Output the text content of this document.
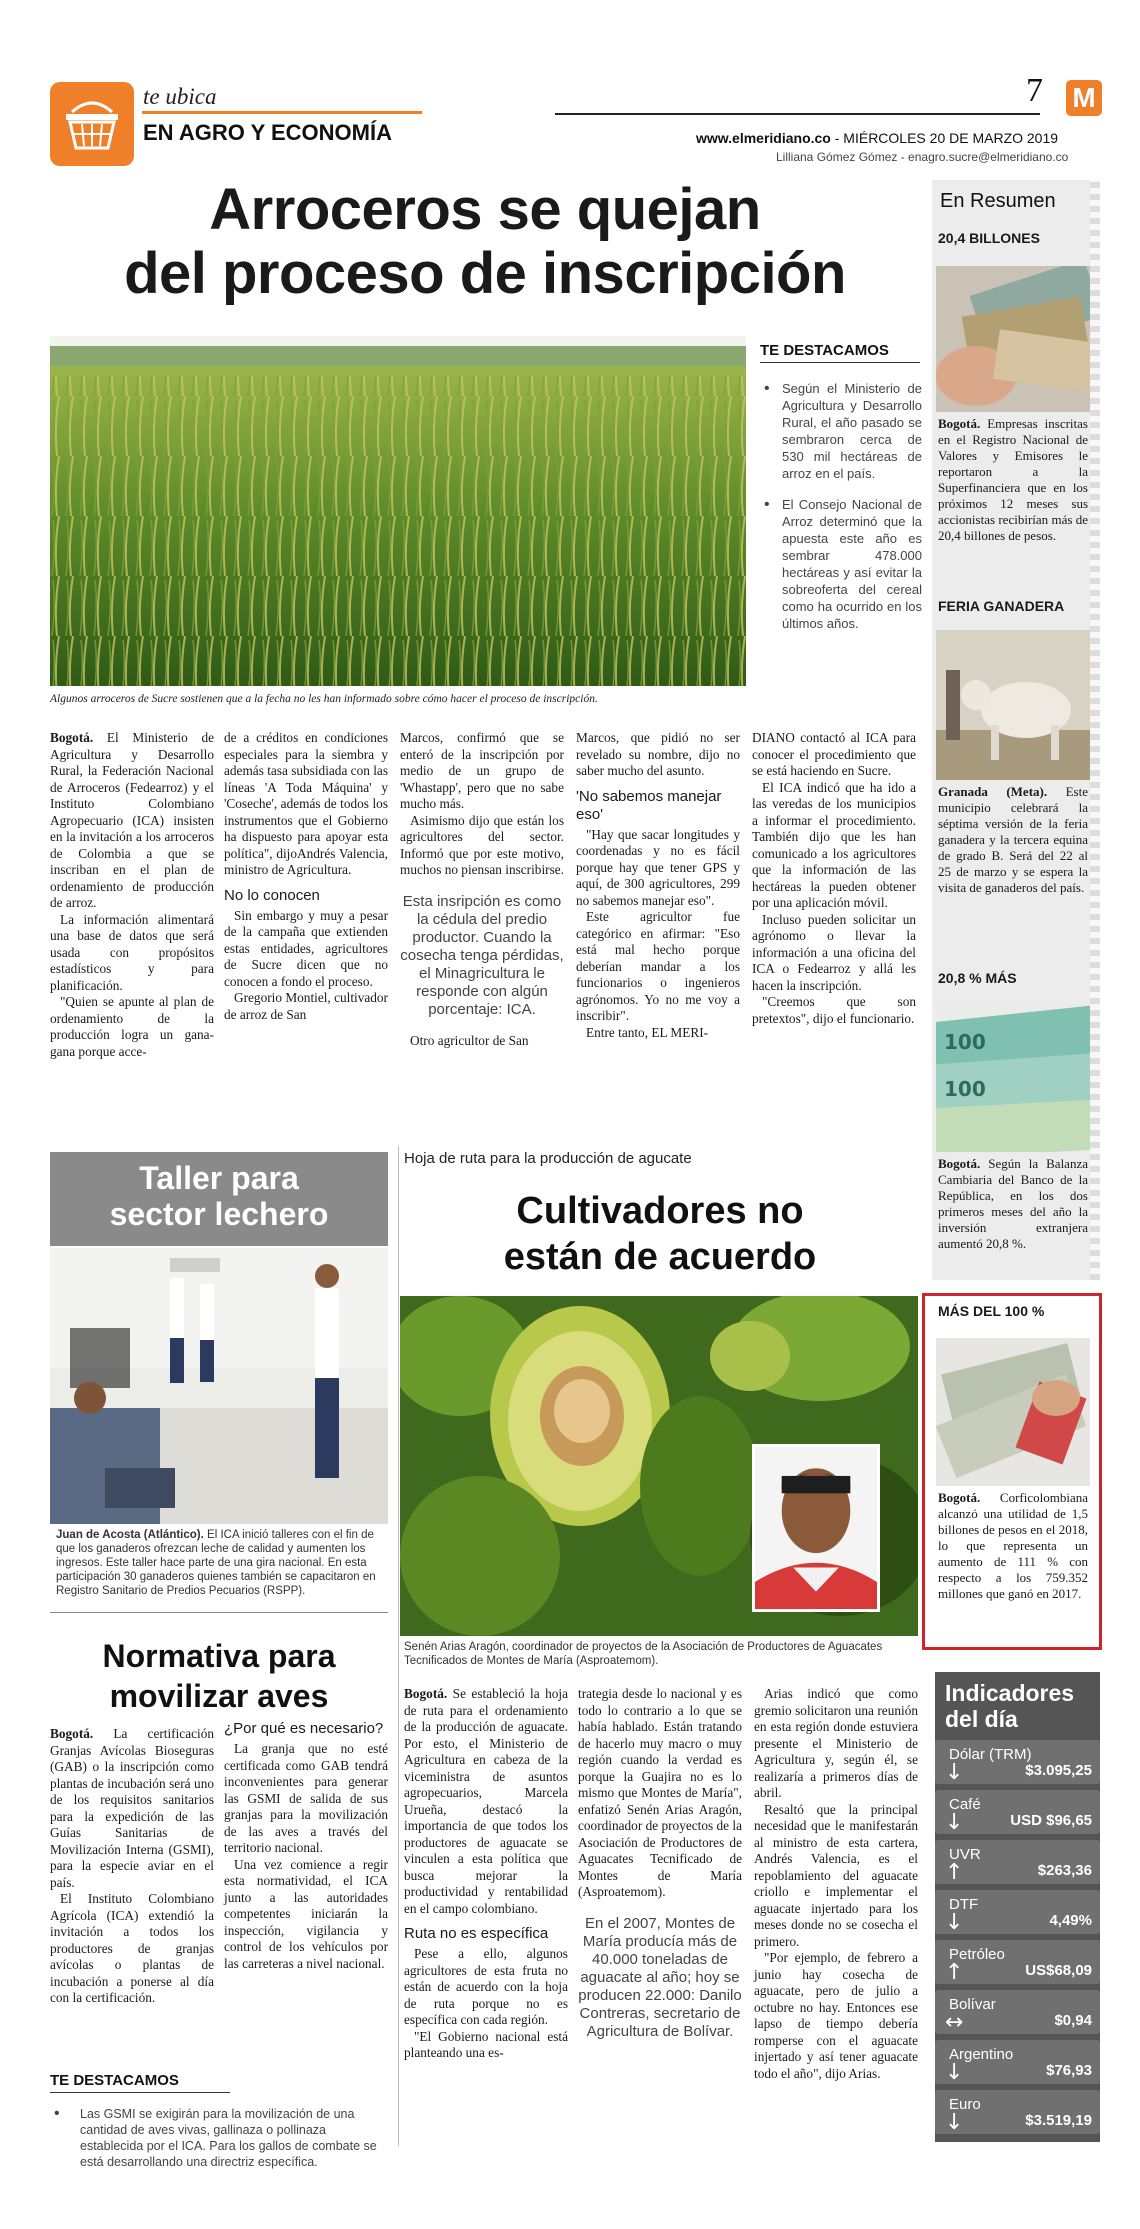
te ubica
EN AGRO Y ECONOMÍA
7 M
www.elmeridiano.co - MIÉRCOLES 20 DE MARZO 2019
Lilliana Gómez Gómez - enagro.sucre@elmeridiano.co
Arroceros se quejan
del proceso de inscripción
Algunos arroceros de Sucre sostienen que a la fecha no les han informado sobre cómo hacer el proceso de inscripción.
TE DESTACAMOS
• Según el Ministerio de Agricultura y Desarrollo Rural, el año pasado se sembraron cerca de 530 mil hectáreas de arroz en el país.
• El Consejo Nacional de Arroz determinó que la apuesta este año es sembrar 478.000 hectáreas y así evitar la sobreoferta del cereal como ha ocurrido en los últimos años.

Bogotá. El Ministerio de Agricultura y Desarrollo Rural, la Federación Nacional de Arroceros (Fedearroz) y el Instituto Colombiano Agropecuario (ICA) insisten en la invitación a los arroceros de Colombia a que se inscriban en el plan de ordenamiento de producción de arroz.

La información alimentará una base de datos que será usada con propósitos estadísticos y para planificación.

"Quien se apunte al plan de ordenamiento de la producción logra un gana-gana porque acce-

de a créditos en condiciones especiales para la siembra y además tasa subsidiada con las líneas 'A Toda Máquina' y 'Coseche', además de todos los instrumentos que el Gobierno ha dispuesto para apoyar esta política", dijoAndrés Valencia, ministro de Agricultura.

No lo conocen

Sin embargo y muy a pesar de la campaña que extienden estas entidades, agricultores de Sucre dicen que no conocen a fondo el proceso.

Gregorio Montiel, cultivador de arroz de San

Marcos, confirmó que se enteró de la inscripción por medio de un grupo de 'Whastapp', pero que no sabe mucho más.

Asimismo dijo que están los agricultores del sector. Informó que por este motivo, muchos no piensan inscribirse.

Esta insripción es como la cédula del predio productor. Cuando la cosecha tenga pérdidas, el Minagricultura le responde con algún porcentaje: ICA.

Otro agricultor de San

Marcos, que pidió no ser revelado su nombre, dijo no saber mucho del asunto.

'No sabemos manejar eso'

"Hay que sacar longitudes y coordenadas y no es fácil porque hay que tener GPS y aquí, de 300 agricultores, 299 no sabemos manejar eso".

Este agricultor fue categórico en afirmar: "Eso está mal hecho porque deberían mandar a los funcionarios o ingenieros agrónomos. Yo no me voy a inscribir".

Entre tanto, EL MERI-

DIANO contactó al ICA para conocer el procedimiento que se está haciendo en Sucre.

El ICA indicó que ha ido a las veredas de los municipios a informar el procedimiento. También dijo que les han comunicado a los agricultores que la información de las hectáreas la pueden obtener por una aplicación móvil.

Incluso pueden solicitar un agrónomo o llevar la información a una oficina del ICA o Fedearroz y allá les hacen la inscripción.

"Creemos que son pretextos", dijo el funcionario.

En Resumen
20,4 BILLONES
Bogotá. Empresas inscritas en el Registro Nacional de Valores y Emisores le reportaron a la Superfinanciera que en los próximos 12 meses sus accionistas recibirían más de 20,4 billones de pesos.
FERIA GANADERA
Granada (Meta). Este municipio celebrará la séptima versión de la feria ganadera y la tercera equina de grado B. Será del 22 al 25 de marzo y se espera la visita de ganaderos del país.
20,8 % MÁS
100
100
Bogotá. Según la Balanza Cambiaria del Banco de la República, en los dos primeros meses del año la inversión extranjera aumentó 20,8 %.
MÁS DEL 100 %
Bogotá. Corficolombiana alcanzó una utilidad de 1,5 billones de pesos en el 2018, lo que representa un aumento de 111 % con respecto a los 759.352 millones que ganó en 2017.
Taller para
sector lechero
Juan de Acosta (Atlántico). El ICA inició talleres con el fin de que los ganaderos ofrezcan leche de calidad y aumenten los ingresos. Este taller hace parte de una gira nacional. En esta participación 30 ganaderos quienes también se capacitaron en Registro Sanitario de Predios Pecuarios (RSPP).
Normativa para
movilizar aves

Bogotá. La certificación Granjas Avícolas Bioseguras (GAB) o la inscripción como plantas de incubación será uno de los requisitos sanitarios para la expedición de las Guías Sanitarias de Movilización Interna (GSMI), para la especie aviar en el país.

El Instituto Colombiano Agrícola (ICA) extendió la invitación a todos los productores de granjas avícolas o plantas de incubación a ponerse al día con la certificación.

¿Por qué es necesario?

La granja que no esté certificada como GAB tendrá inconvenientes para generar las GSMI de salida de sus granjas para la movilización de las aves a través del territorio nacional.

Una vez comience a regir esta normatividad, el ICA junto a las autoridades competentes iniciarán la inspección, vigilancia y control de los vehículos por las carreteras a nivel nacional.

TE DESTACAMOS
• Las GSMI se exigirán para la movilización de una cantidad de aves vivas, gallinaza o pollinaza establecida por el ICA. Para los gallos de combate se está desarrollando una directriz específica.
Hoja de ruta para la producción de agucate
Cultivadores no
están de acuerdo
Senén Arias Aragón, coordinador de proyectos de la Asociación de Productores de Aguacates Tecnificados de Montes de María (Asproatemom).

Bogotá. Se estableció la hoja de ruta para el ordenamiento de la producción de aguacate. Por esto, el Ministerio de Agricultura en cabeza de la viceministra de asuntos agropecuarios, Marcela Urueña, destacó la importancia de que todos los productores de aguacate se vinculen a esta política que busca mejorar la productividad y rentabilidad en el campo colombiano.

Ruta no es específica

Pese a ello, algunos agricultores de esta fruta no están de acuerdo con la hoja de ruta porque no es específica con cada región.

"El Gobierno nacional está planteando una es-

trategia desde lo nacional y es todo lo contrario a lo que se había hablado. Están tratando de hacerlo muy macro o muy región cuando la verdad es porque la Guajira no es lo mismo que Montes de María", enfatizó Senén Arias Aragón, coordinador de proyectos de la Asociación de Productores de Aguacates Tecnificado de Montes de María (Asproatemom).

En el 2007, Montes de María producía más de 40.000 toneladas de aguacate al año; hoy se producen 22.000: Danilo Contreras, secretario de Agricultura de Bolívar.

Arias indicó que como gremio solicitaron una reunión en esta región donde estuviera presente el Ministerio de Agricultura y, según él, se realizaría a primeros días de abril.

Resaltó que la principal necesidad que le manifestarán al ministro de esta cartera, Andrés Valencia, es el repoblamiento del aguacate criollo e implementar el aguacate injertado para los meses donde no se cosecha el primero.

"Por ejemplo, de febrero a junio hay cosecha de aguacate, pero de julio a octubre no hay. Entonces ese lapso de tiempo debería romperse con el aguacate injertado y así tener aguacate todo el año", dijo Arias.

Indicadores
del día
Dólar (TRM)
↓	$3.095,25
Café
↓	USD $96,65
UVR
↑	$263,36
DTF
↓	4,49%
Petróleo
↑	US$68,09
Bolívar
↔	$0,94
Argentino
↓	$76,93
Euro
↓	$3.519,19
